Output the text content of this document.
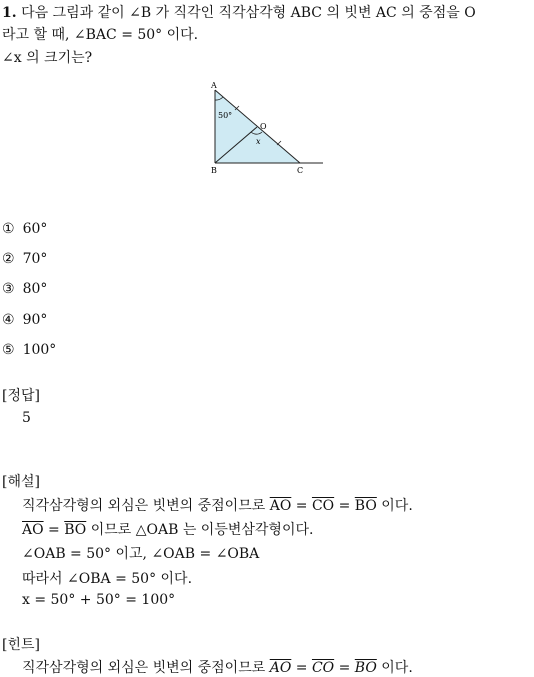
1. 다음 그림과 같이 ∠B 가 직각인 직각삼각형 ABC 의 빗변 AC 의 중점을 O
라고 할 때, ∠BAC = 50° 이다.
∠x 의 크기는?
A
B	C
O
x
50°
① 60°
② 70°
③ 80°
④ 90°
⑤ 100°
[정답]
5
[해설]
직각삼각형의 외심은 빗변의 중점이므로 $\overline{AO} = \overline{CO} = \overline{BO}$ 이다.
$\overline{AO} = \overline{BO}$ 이므로 △OAB 는 이등변삼각형이다.
∠OAB = 50° 이고, ∠OAB = ∠OBA
따라서 ∠OBA = 50° 이다.
x = 50° + 50° = 100°
[힌트]
직각삼각형의 외심은 빗변의 중점이므로 $\overline{AO} = \overline{CO} = \overline{BO}$ 이다.
